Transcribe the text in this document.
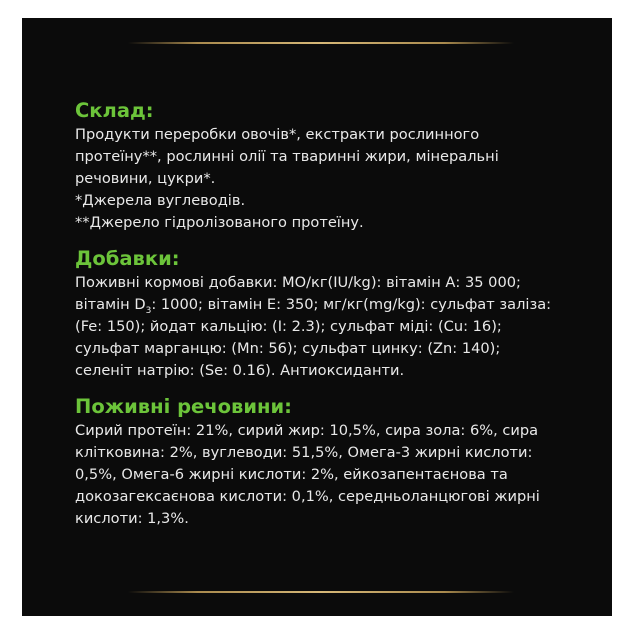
Склад:

Продукти переробки овочів*, екстракти рослинного

протеїну**, рослинні олії та тваринні жири, мінеральні

речовини, цукри*.

*Джерела вуглеводів.

**Джерело гідролізованого протеїну.

Добавки:

Поживні кормові добавки: МО/кг(IU/kg): вітамін А: 35 000;

вітамін $D_3$: 1000; вітамін Е: 350; мг/кг(mg/kg): сульфат заліза:

(Fe: 150); йодат кальцію: (I: 2.3); сульфат міді: (Cu: 16);

сульфат марганцю: (Mn: 56); сульфат цинку: (Zn: 140);

селеніт натрію: (Se: 0.16). Антиоксиданти.

Поживні речовини:

Сирий протеїн: 21%, сирий жир: 10,5%, сира зола: 6%, сира

клітковина: 2%, вуглеводи: 51,5%, Омега-3 жирні кислоти:

0,5%, Омега-6 жирні кислоти: 2%, ейкозапентаєнова та

докозагексаєнова кислоти: 0,1%, середньоланцюгові жирні

кислоти: 1,3%.
